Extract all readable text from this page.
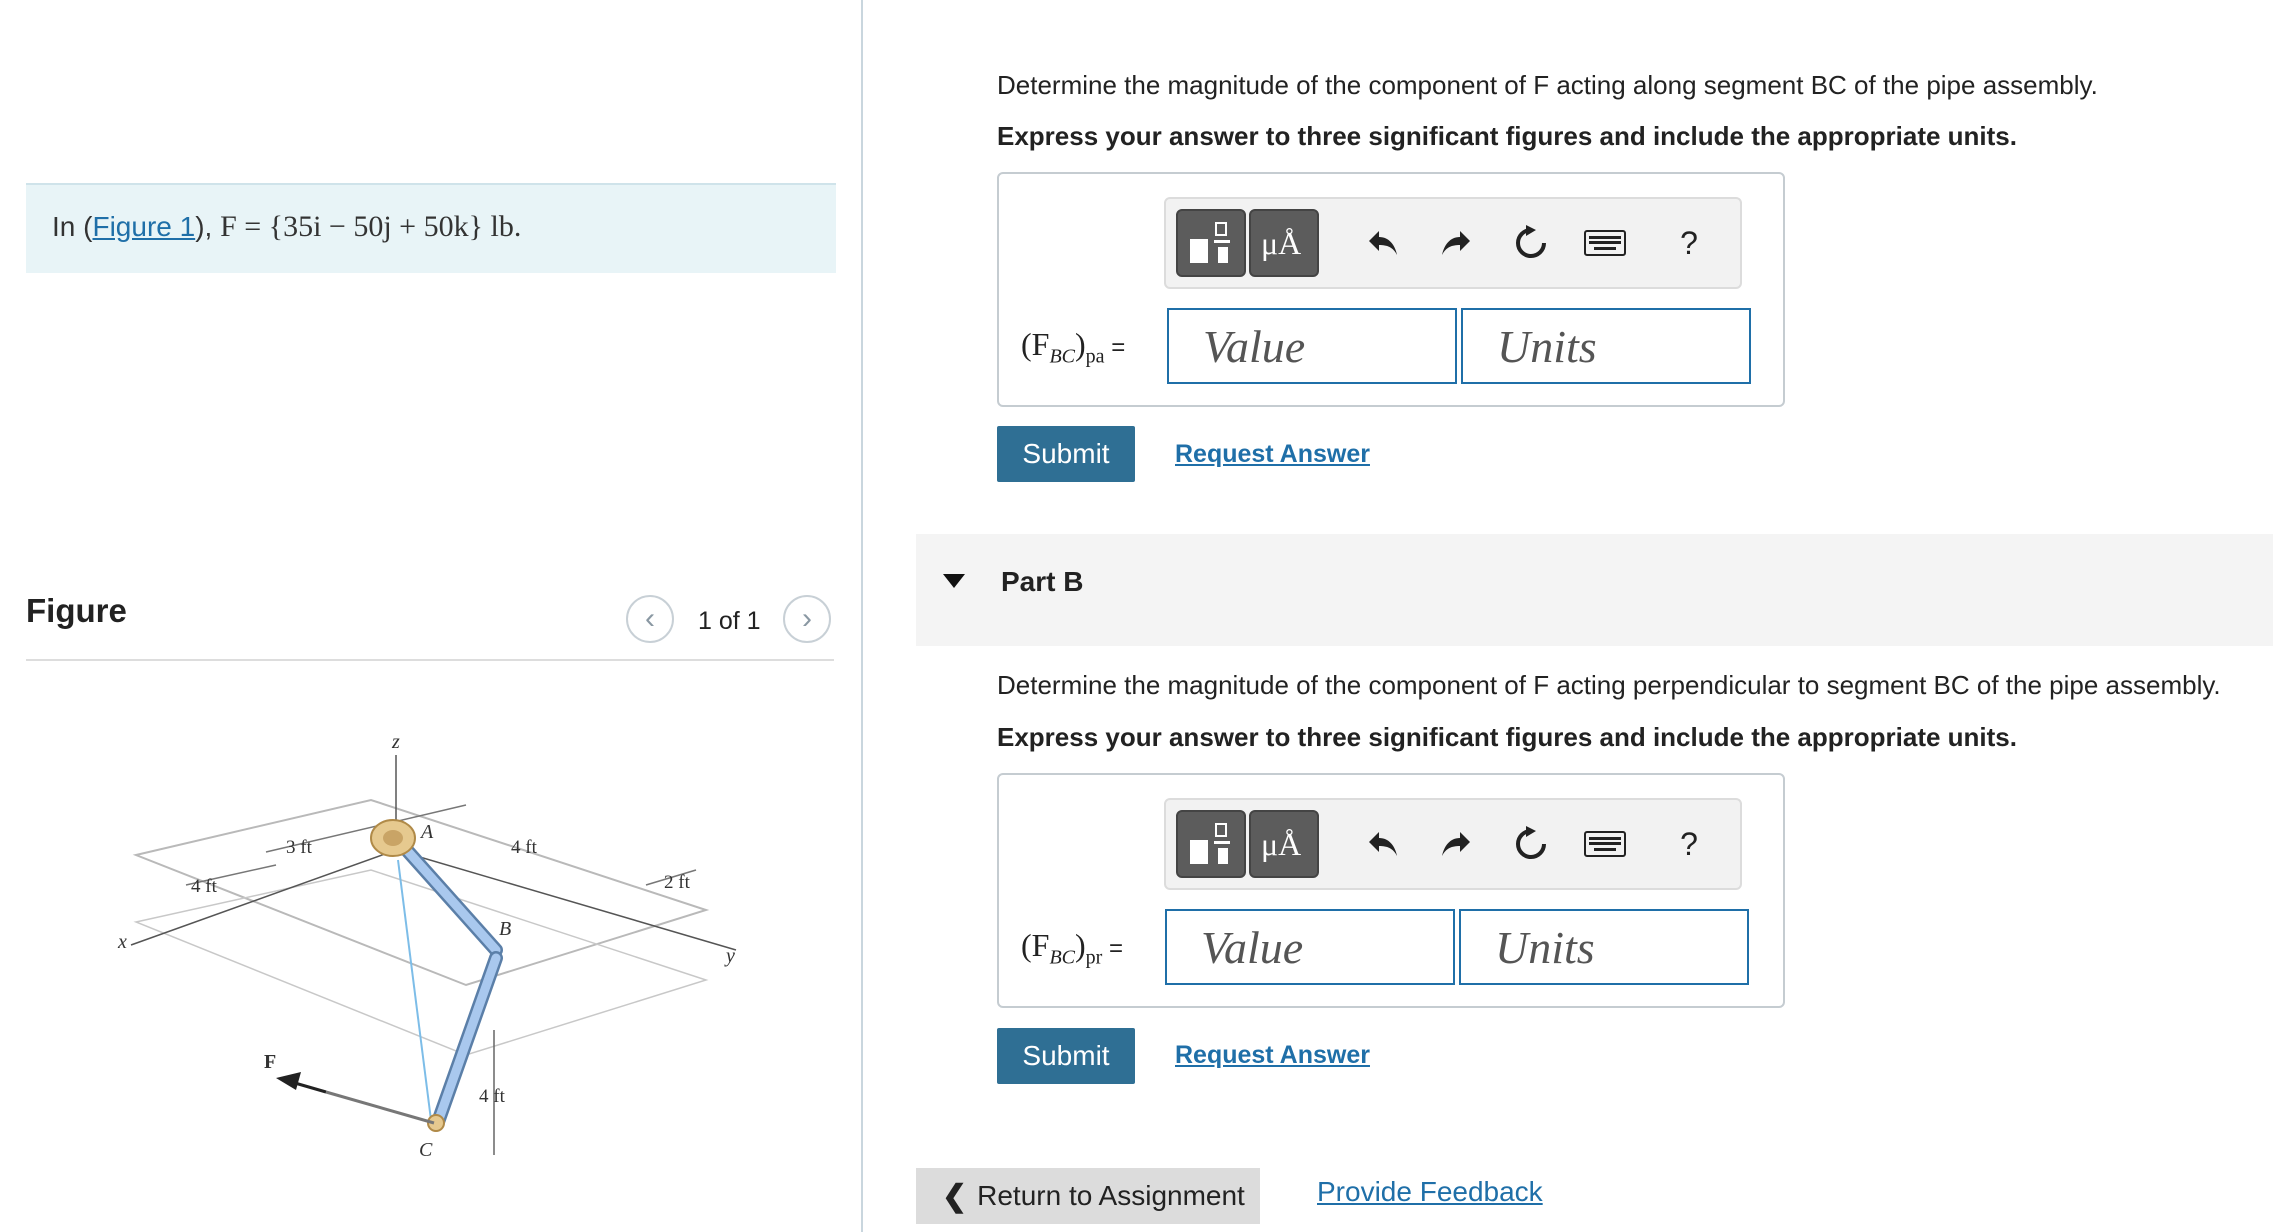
In (Figure 1), F = {35i − 50j + 50k} lb.
Figure	‹ 1 of 1 ›
z
x
y
A
B
C
F
3 ft
4 ft
4 ft
2 ft
4 ft
Determine the magnitude of the component of F acting along segment BC of the pipe assembly.
Express your answer to three significant figures and include the appropriate units.
μÅ	?
$(F_{BC})_{pa}$ = Value	Units
Submit	Request Answer
Part B
Determine the magnitude of the component of F acting perpendicular to segment BC of the pipe assembly.
Express your answer to three significant figures and include the appropriate units.
μÅ	?
$(F_{BC})_{pr}$ = Value	Units
Submit	Request Answer
❮ Return to Assignment	Provide Feedback
